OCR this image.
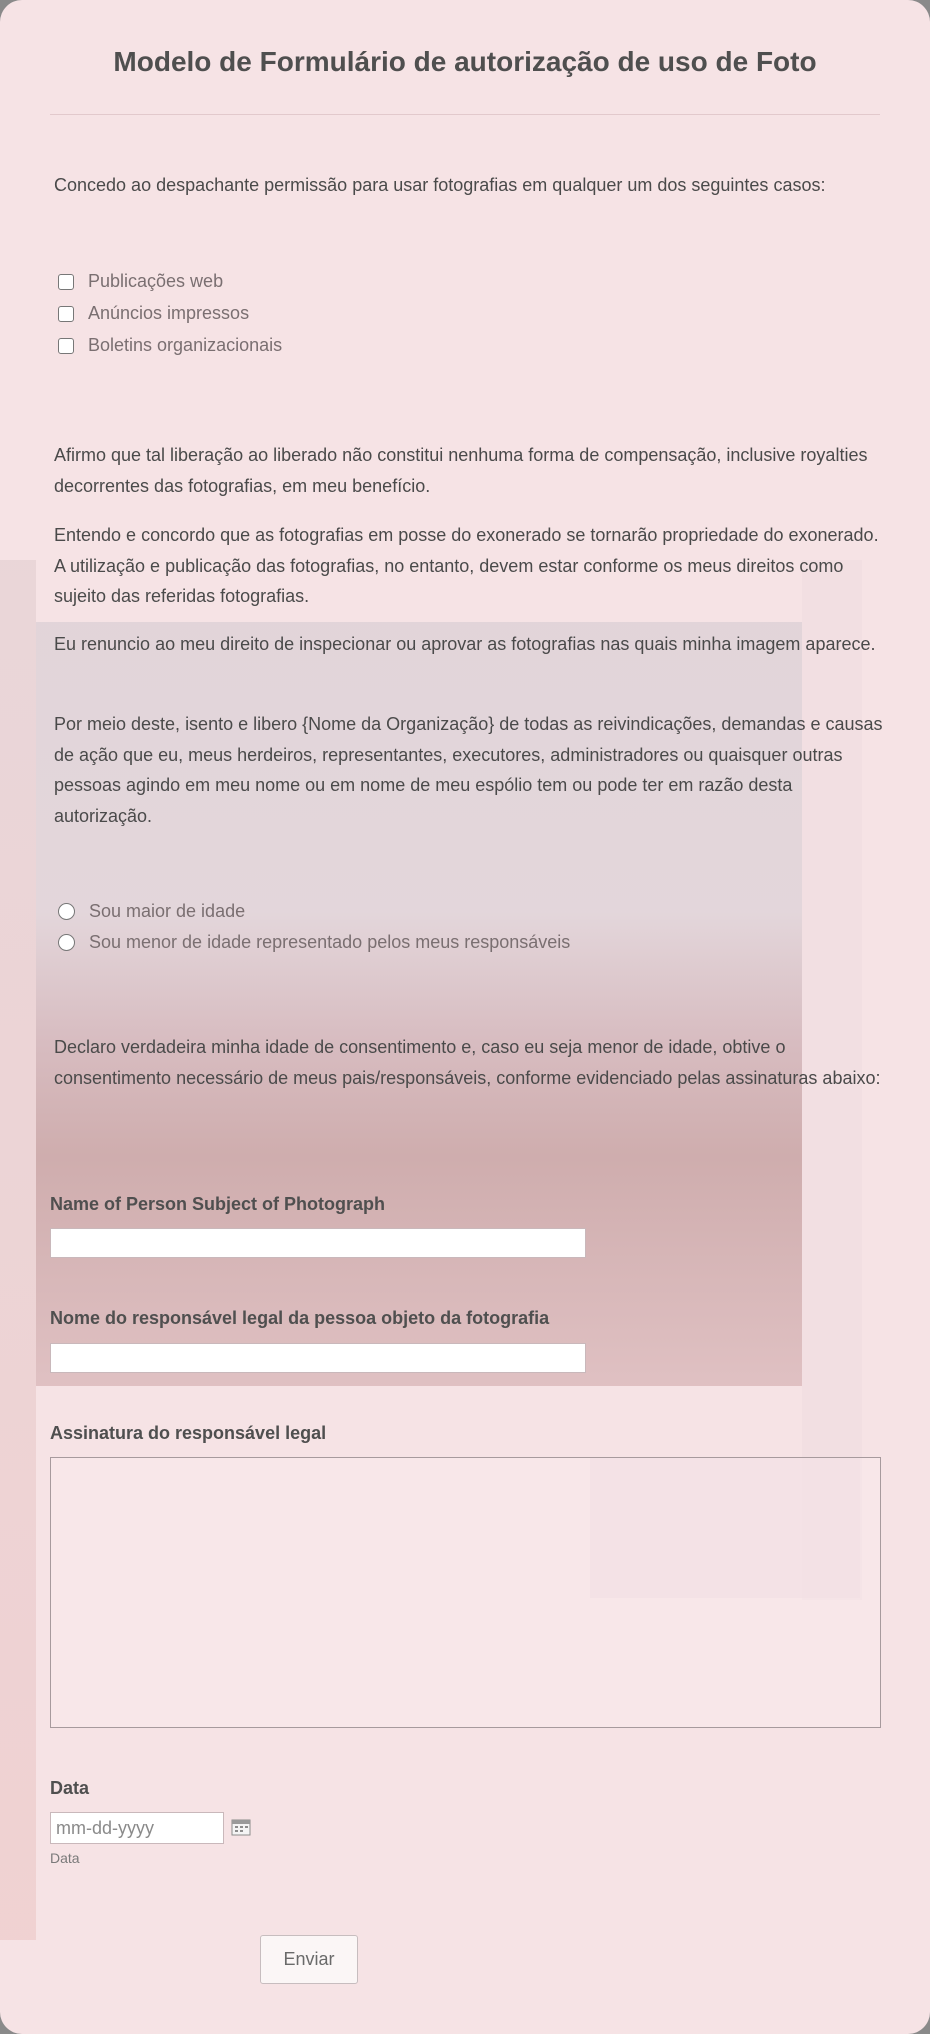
Modelo de Formulário de autorização de uso de Foto

Concedo ao despachante permissão para usar fotografias em qualquer um dos seguintes casos:

Publicações web
Anúncios impressos
Boletins organizacionais

Afirmo que tal liberação ao liberado não constitui nenhuma forma de compensação, inclusive royalties decorrentes das fotografias, em meu benefício.

Entendo e concordo que as fotografias em posse do exonerado se tornarão propriedade do exonerado. A utilização e publicação das fotografias, no entanto, devem estar conforme os meus direitos como sujeito das referidas fotografias.

Eu renuncio ao meu direito de inspecionar ou aprovar as fotografias nas quais minha imagem aparece.

Por meio deste, isento e libero {Nome da Organização} de todas as reivindicações, demandas e causas de ação que eu, meus herdeiros, representantes, executores, administradores ou quaisquer outras pessoas agindo em meu nome ou em nome de meu espólio tem ou pode ter em razão desta autorização.

Sou maior de idade
Sou menor de idade representado pelos meus responsáveis

Declaro verdadeira minha idade de consentimento e, caso eu seja menor de idade, obtive o consentimento necessário de meus pais/responsáveis, conforme evidenciado pelas assinaturas abaixo:

Name of Person Subject of Photograph
Nome do responsável legal da pessoa objeto da fotografia
Assinatura do responsável legal
Data
mm-dd-yyyy
Data
Enviar
